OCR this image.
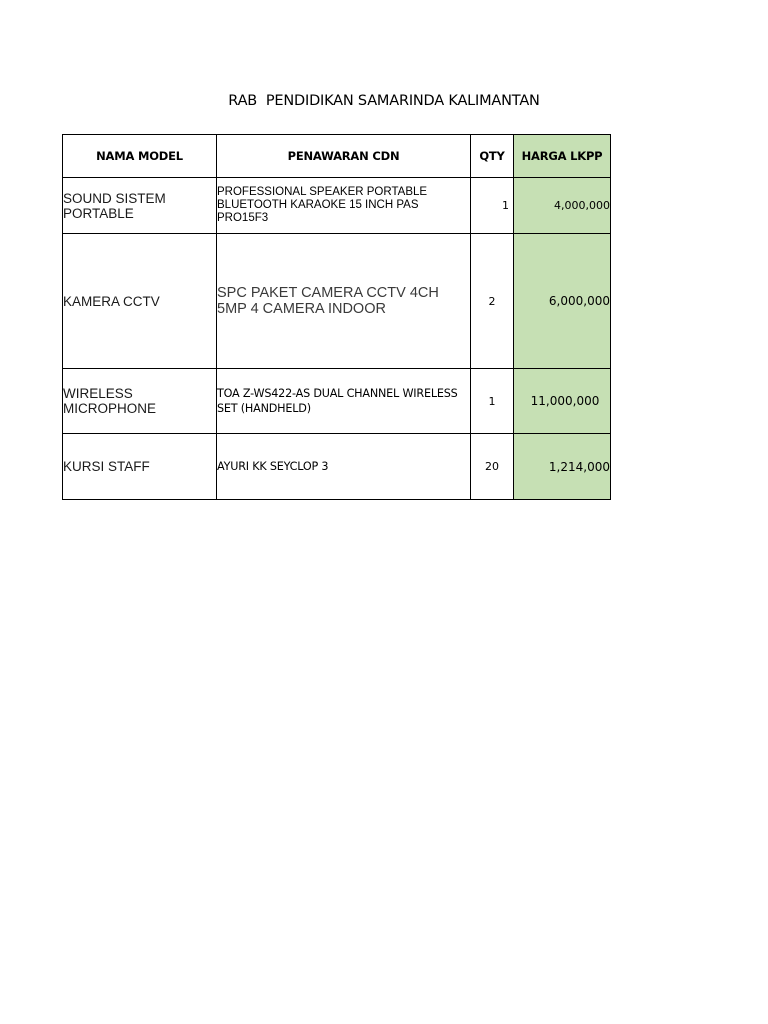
RAB  PENDIDIKAN SAMARINDA KALIMANTAN
NAMA MODEL	PENAWARAN CDN	QTY	HARGA LKPP
SOUND SISTEM PORTABLE	PROFESSIONAL SPEAKER PORTABLE BLUETOOTH KARAOKE 15 INCH PAS PRO15F3	1	4,000,000
KAMERA CCTV	SPC PAKET CAMERA CCTV 4CH 5MP 4 CAMERA INDOOR	2	6,000,000
WIRELESS MICROPHONE	TOA Z-WS422-AS DUAL CHANNEL WIRELESS SET (HANDHELD)	1	11,000,000
KURSI STAFF	AYURI KK SEYCLOP 3	20	1,214,000
